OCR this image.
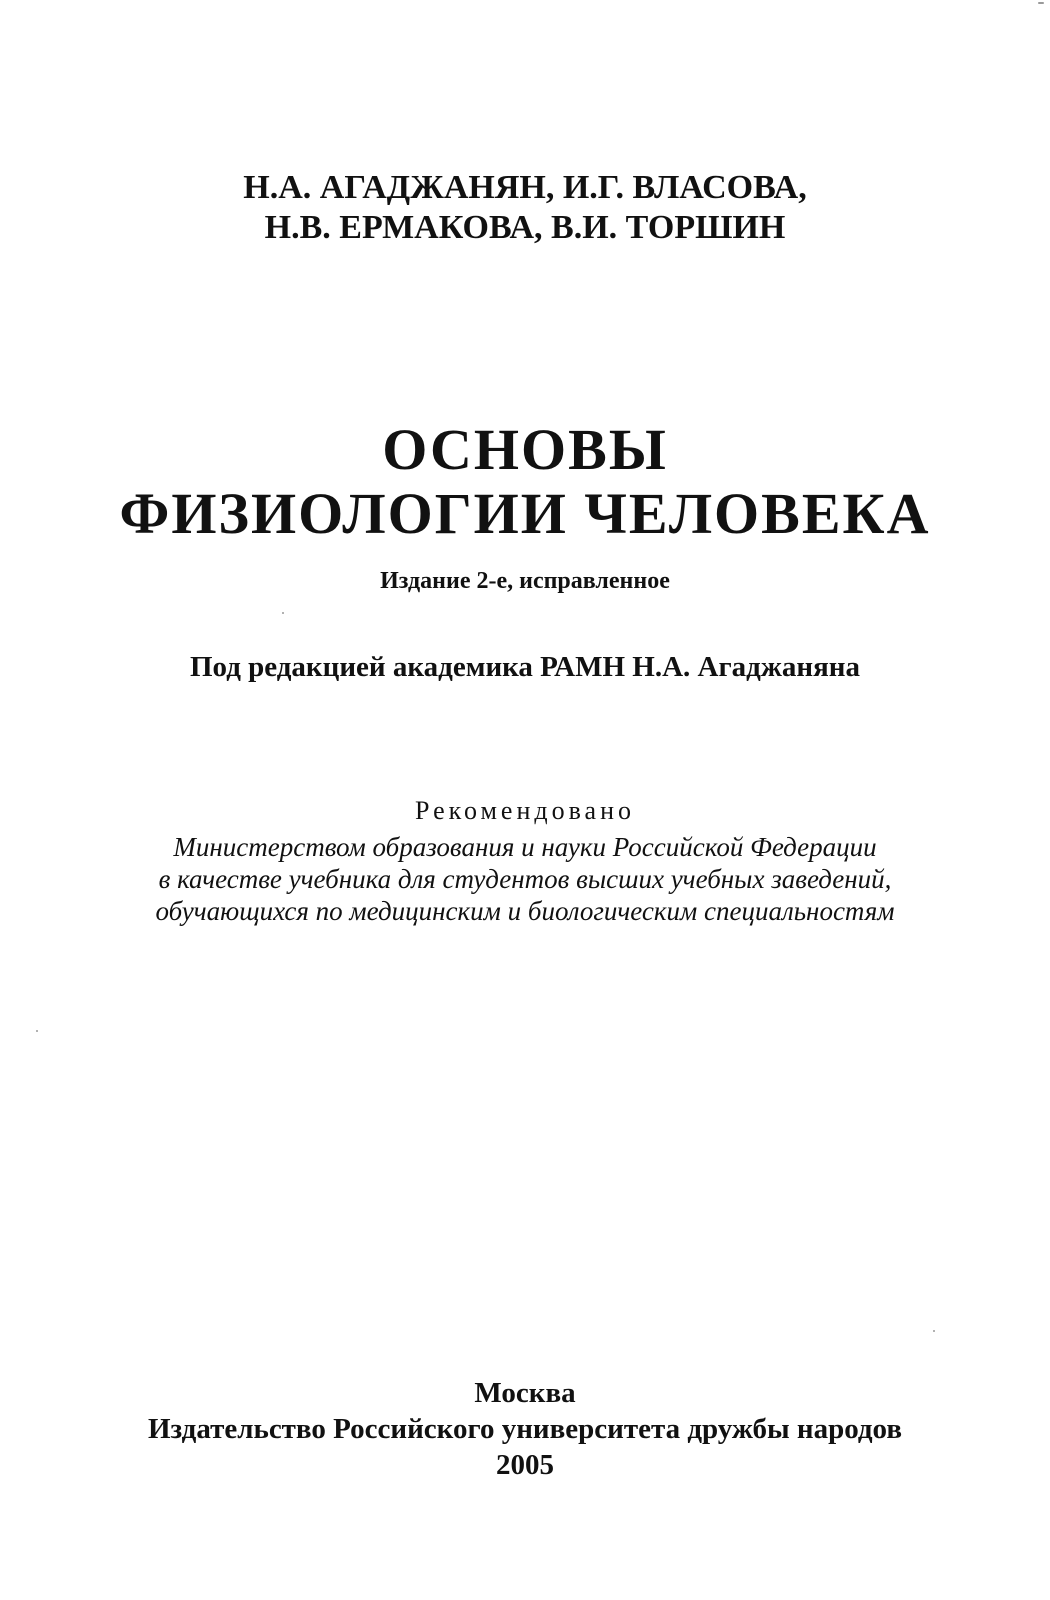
Н.А. АГАДЖАНЯН, И.Г. ВЛАСОВА,
Н.В. ЕРМАКОВА, В.И. ТОРШИН
ОСНОВЫ
ФИЗИОЛОГИИ ЧЕЛОВЕКА
Издание 2-е, исправленное
Под редакцией академика РАМН Н.А. Агаджаняна
Рекомендовано
Министерством образования и науки Российской Федерации
в качестве учебника для студентов высших учебных заведений,
обучающихся по медицинским и биологическим специальностям
Москва
Издательство Российского университета дружбы народов
2005
